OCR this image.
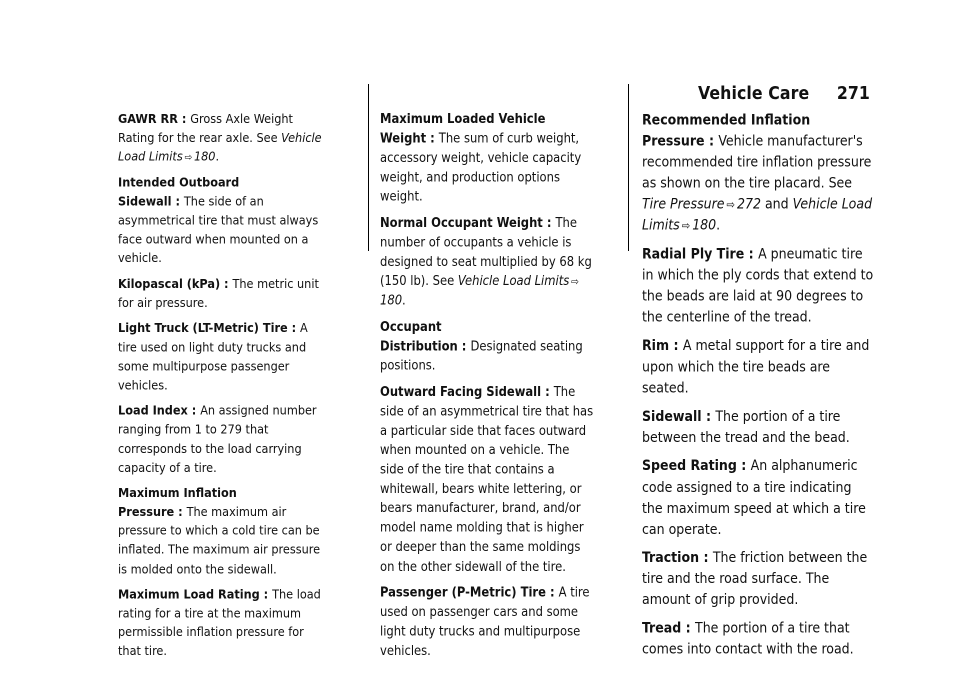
Vehicle Care 271

GAWR RR : Gross Axle Weight Rating for the rear axle. See Vehicle Load Limits ⇨ 180.

Intended Outboard Sidewall : The side of an asymmetrical tire that must always face outward when mounted on a vehicle.

Kilopascal (kPa) : The metric unit for air pressure.

Light Truck (LT-Metric) Tire : A tire used on light duty trucks and some multipurpose passenger vehicles.

Load Index : An assigned number ranging from 1 to 279 that corresponds to the load carrying capacity of a tire.

Maximum Inflation Pressure : The maximum air pressure to which a cold tire can be inflated. The maximum air pressure is molded onto the sidewall.

Maximum Load Rating : The load rating for a tire at the maximum permissible inflation pressure for that tire.

Maximum Loaded Vehicle Weight : The sum of curb weight, accessory weight, vehicle capacity weight, and production options weight.

Normal Occupant Weight : The number of occupants a vehicle is designed to seat multiplied by 68 kg (150 lb). See Vehicle Load Limits ⇨180.

Occupant Distribution : Designated seating positions.

Outward Facing Sidewall : The side of an asymmetrical tire that has a particular side that faces outward when mounted on a vehicle. The side of the tire that contains a whitewall, bears white lettering, or bears manufacturer, brand, and/or model name molding that is higher or deeper than the same moldings on the other sidewall of the tire.

Passenger (P-Metric) Tire : A tire used on passenger cars and some light duty trucks and multipurpose vehicles.

Recommended Inflation Pressure : Vehicle manufacturer's recommended tire inflation pressure as shown on the tire placard. See Tire Pressure ⇨ 272 and Vehicle Load Limits ⇨ 180.

Radial Ply Tire : A pneumatic tire in which the ply cords that extend to the beads are laid at 90 degrees to the centerline of the tread.

Rim : A metal support for a tire and upon which the tire beads are seated.

Sidewall : The portion of a tire between the tread and the bead.

Speed Rating : An alphanumeric code assigned to a tire indicating the maximum speed at which a tire can operate.

Traction : The friction between the tire and the road surface. The amount of grip provided.

Tread : The portion of a tire that comes into contact with the road.
